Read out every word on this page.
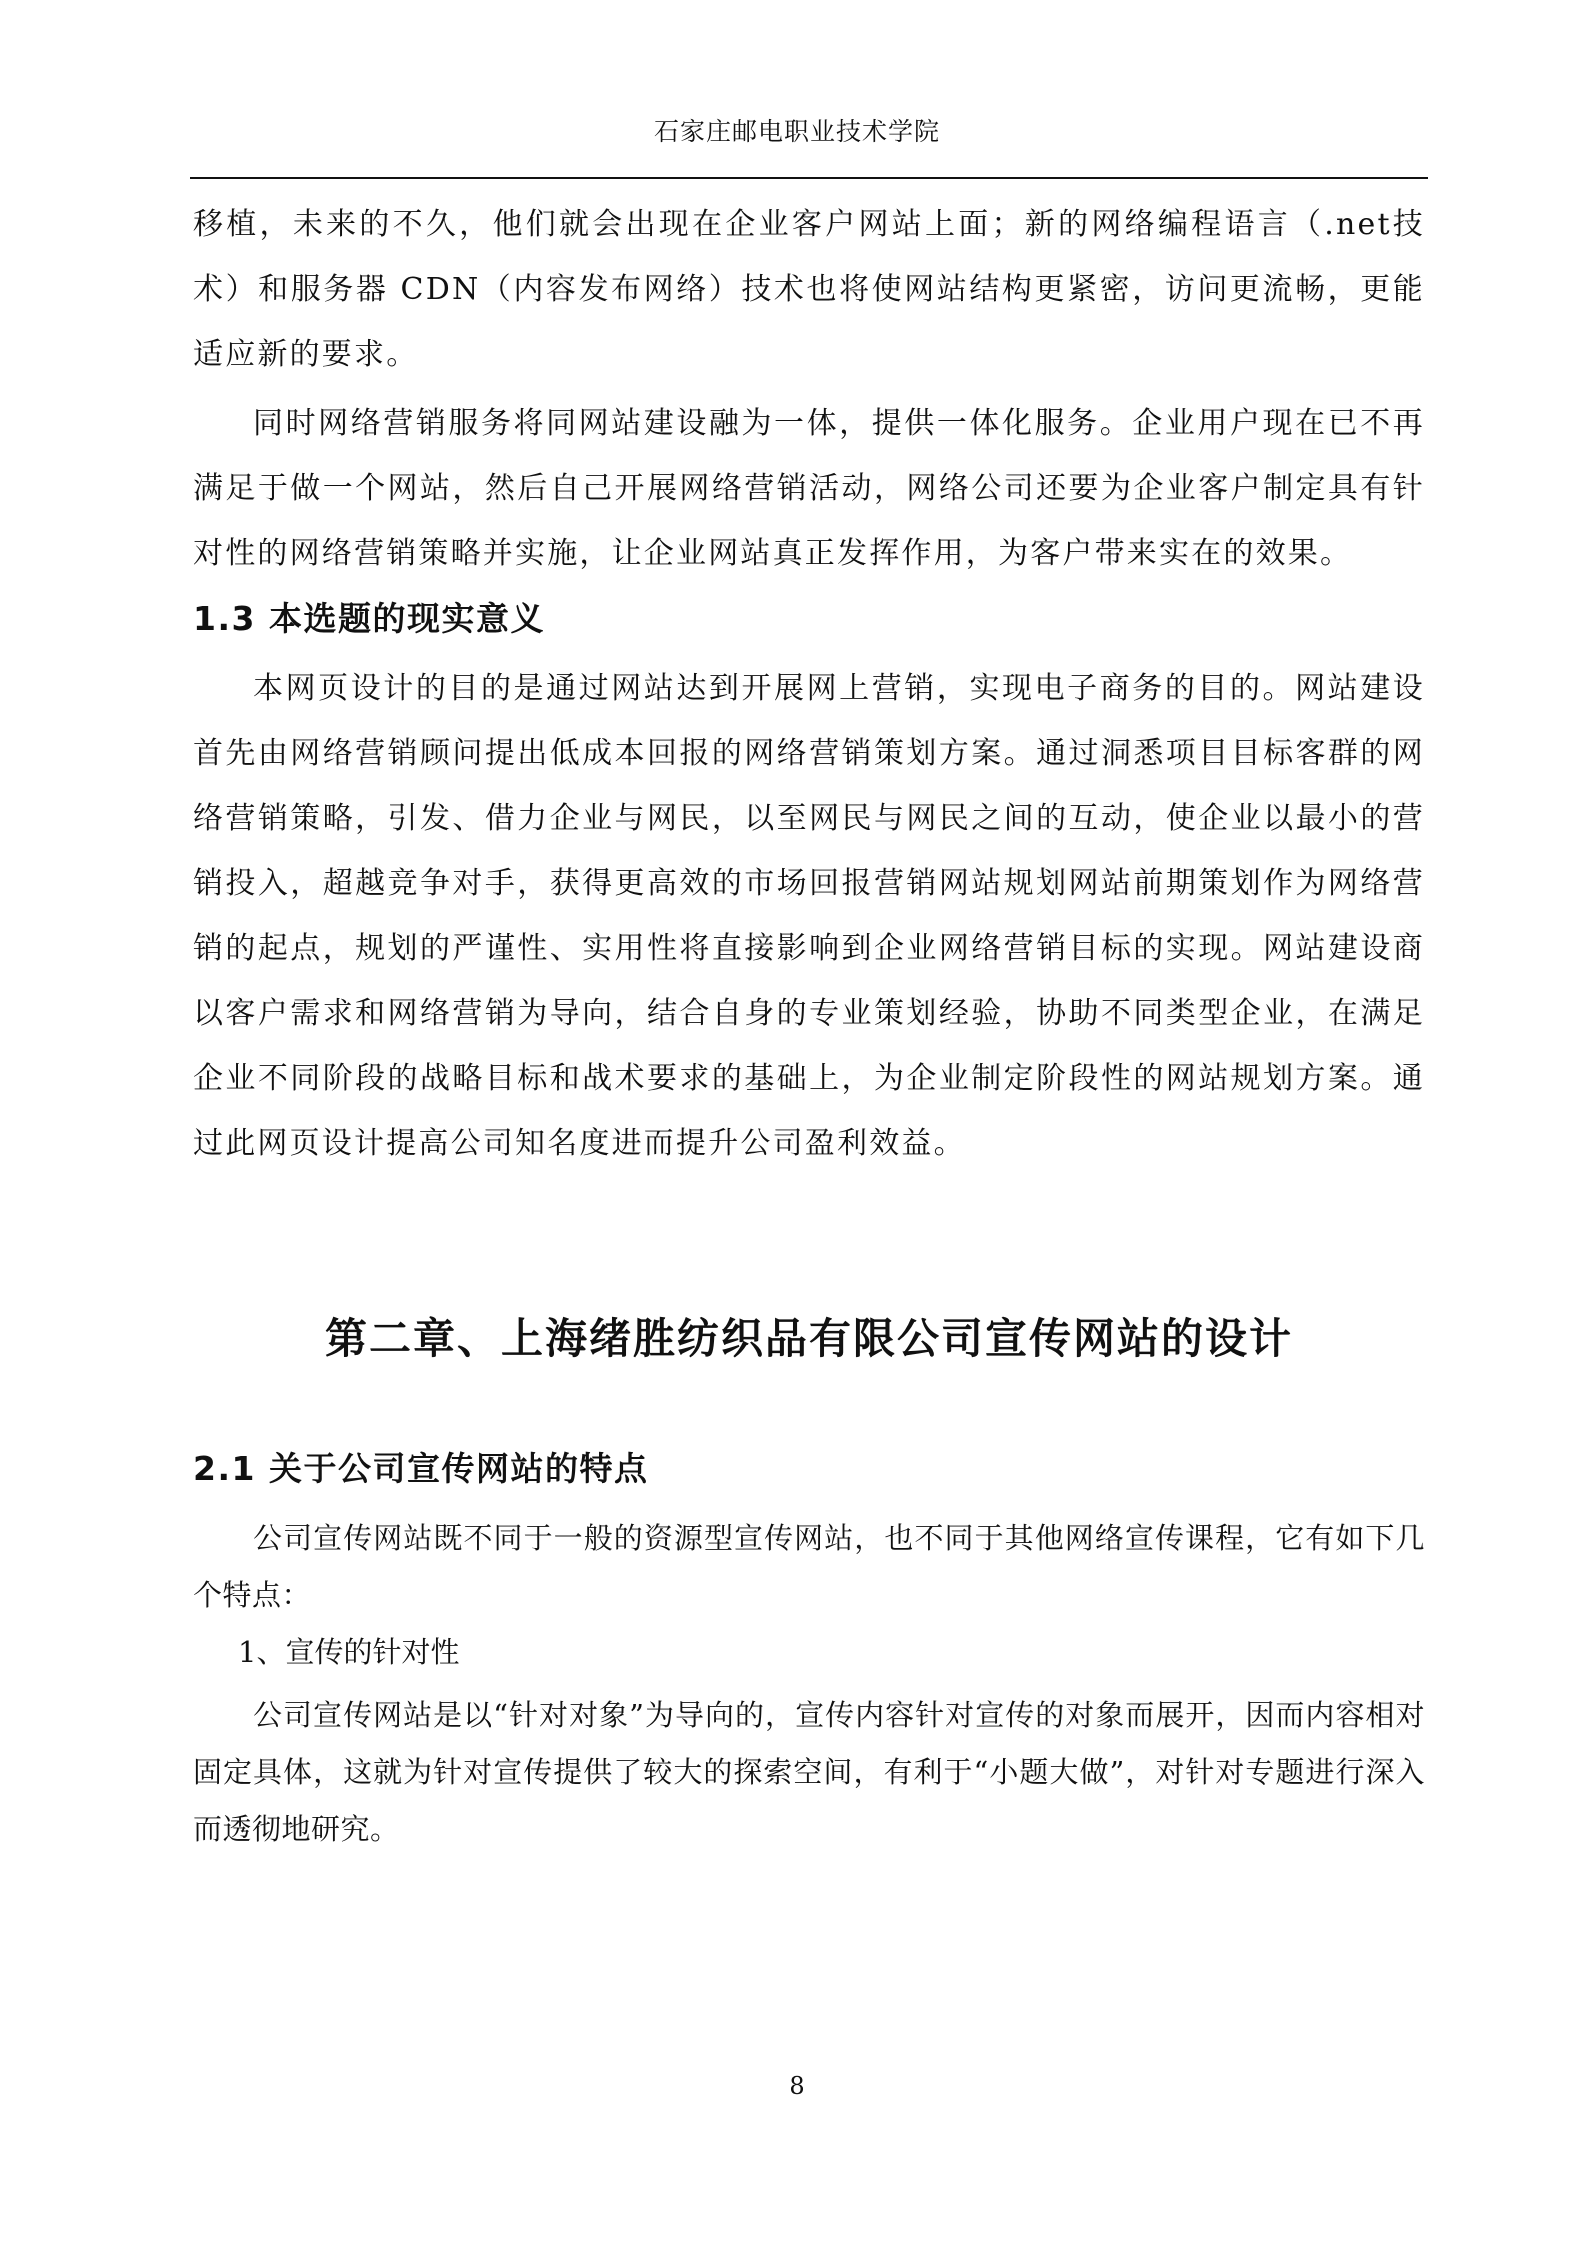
石家庄邮电职业技术学院

移植，未来的不久，他们就会出现在企业客户网站上面；新的网络编程语言（.net技术）和服务器 CDN（内容发布网络）技术也将使网站结构更紧密，访问更流畅，更能适应新的要求。

同时网络营销服务将同网站建设融为一体，提供一体化服务。企业用户现在已不再满足于做一个网站，然后自己开展网络营销活动，网络公司还要为企业客户制定具有针对性的网络营销策略并实施，让企业网站真正发挥作用，为客户带来实在的效果。

1.3 本选题的现实意义

本网页设计的目的是通过网站达到开展网上营销，实现电子商务的目的。网站建设首先由网络营销顾问提出低成本回报的网络营销策划方案。通过洞悉项目目标客群的网络营销策略，引发、借力企业与网民，以至网民与网民之间的互动，使企业以最小的营销投入，超越竞争对手，获得更高效的市场回报营销网站规划网站前期策划作为网络营销的起点，规划的严谨性、实用性将直接影响到企业网络营销目标的实现。网站建设商以客户需求和网络营销为导向，结合自身的专业策划经验，协助不同类型企业，在满足企业不同阶段的战略目标和战术要求的基础上，为企业制定阶段性的网站规划方案。通过此网页设计提高公司知名度进而提升公司盈利效益。

第二章、上海绪胜纺织品有限公司宣传网站的设计
2.1 关于公司宣传网站的特点

公司宣传网站既不同于一般的资源型宣传网站，也不同于其他网络宣传课程，它有如下几个特点：

1、宣传的针对性

公司宣传网站是以“针对对象”为导向的，宣传内容针对宣传的对象而展开，因而内容相对固定具体，这就为针对宣传提供了较大的探索空间，有利于“小题大做”，对针对专题进行深入而透彻地研究。

8
